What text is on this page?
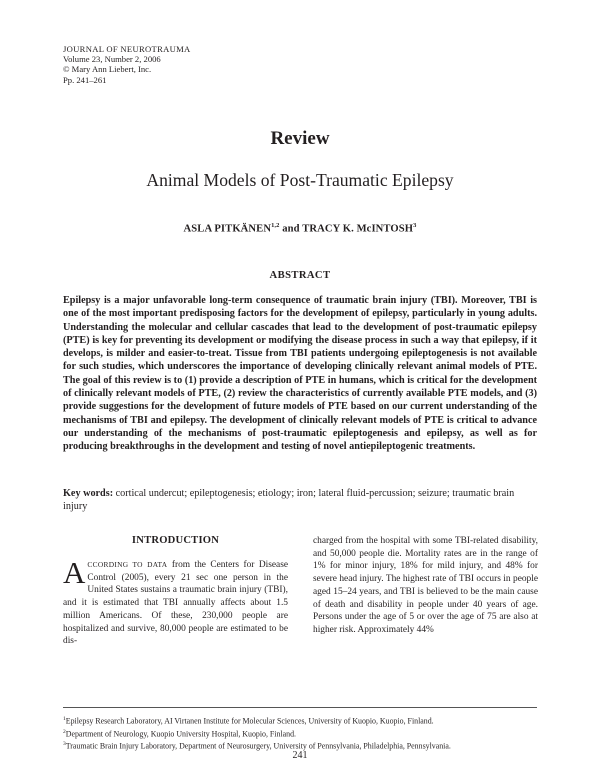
JOURNAL OF NEUROTRAUMA
Volume 23, Number 2, 2006
© Mary Ann Liebert, Inc.
Pp. 241–261
Review
Animal Models of Post-Traumatic Epilepsy
ASLA PITKÄNEN$^{1,2}$ and TRACY K. McINTOSH$^3$
ABSTRACT
Epilepsy is a major unfavorable long-term consequence of traumatic brain injury (TBI). Moreover, TBI is one of the most important predisposing factors for the development of epilepsy, particularly in young adults. Understanding the molecular and cellular cascades that lead to the development of post-traumatic epilepsy (PTE) is key for preventing its development or modifying the disease process in such a way that epilepsy, if it develops, is milder and easier-to-treat. Tissue from TBI patients undergoing epileptogenesis is not available for such studies, which underscores the importance of developing clinically relevant animal models of PTE. The goal of this review is to (1) provide a description of PTE in humans, which is critical for the development of clinically relevant models of PTE, (2) review the characteristics of currently available PTE models, and (3) provide suggestions for the development of future models of PTE based on our current understanding of the mechanisms of TBI and epilepsy. The development of clinically relevant models of PTE is critical to advance our understanding of the mechanisms of post-traumatic epileptogenesis and epilepsy, as well as for producing breakthroughs in the development and testing of novel antiepileptogenic treatments.
Key words: cortical undercut; epileptogenesis; etiology; iron; lateral fluid-percussion; seizure; traumatic brain injury
INTRODUCTION
ACCORDING TO DATA from the Centers for Disease Control (2005), every 21 sec one person in the United States sustains a traumatic brain injury (TBI), and it is estimated that TBI annually affects about 1.5 million Americans. Of these, 230,000 people are hospitalized and survive, 80,000 people are estimated to be dis-
charged from the hospital with some TBI-related disability, and 50,000 people die. Mortality rates are in the range of 1% for minor injury, 18% for mild injury, and 48% for severe head injury. The highest rate of TBI occurs in people aged 15–24 years, and TBI is believed to be the main cause of death and disability in people under 40 years of age. Persons under the age of 5 or over the age of 75 are also at higher risk. Approximately 44%
$^1$Epilepsy Research Laboratory, AI Virtanen Institute for Molecular Sciences, University of Kuopio, Kuopio, Finland.
$^2$Department of Neurology, Kuopio University Hospital, Kuopio, Finland.
$^3$Traumatic Brain Injury Laboratory, Department of Neurosurgery, University of Pennsylvania, Philadelphia, Pennsylvania.
241
